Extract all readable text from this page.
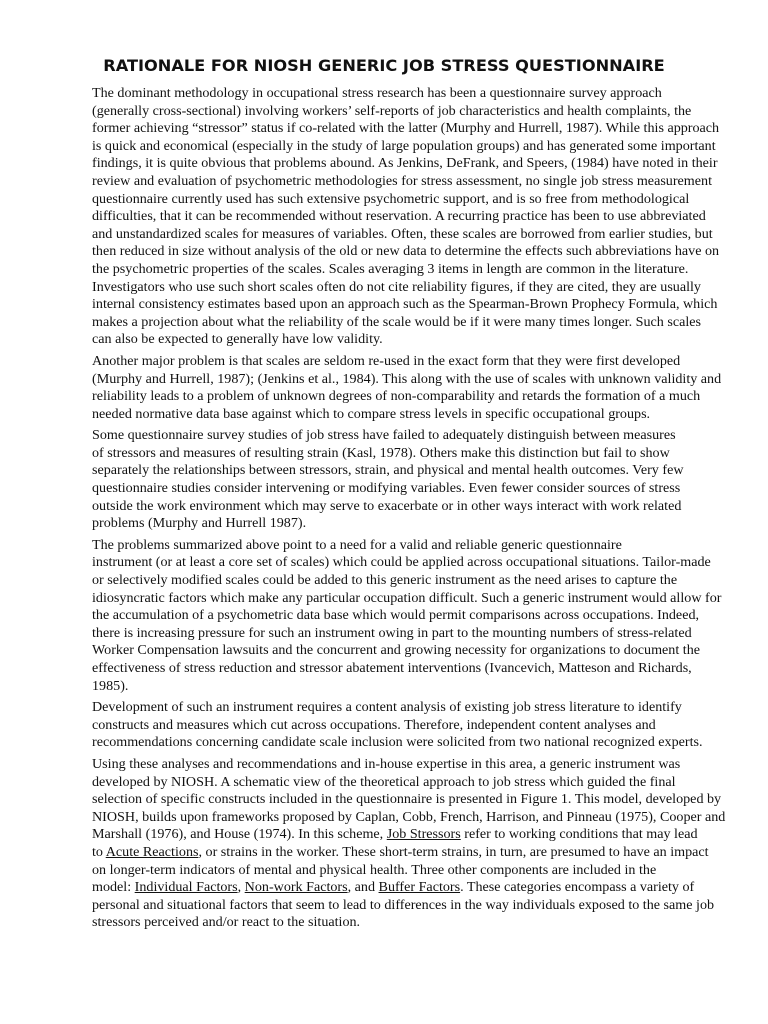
RATIONALE FOR NIOSH GENERIC JOB STRESS QUESTIONNAIRE

The dominant methodology in occupational stress research has been a questionnaire survey approach
(generally cross-sectional) involving workers’ self-reports of job characteristics and health complaints, the
former achieving “stressor” status if co-related with the latter (Murphy and Hurrell, 1987). While this approach
is quick and economical (especially in the study of large population groups) and has generated some important
findings, it is quite obvious that problems abound. As Jenkins, DeFrank, and Speers, (1984) have noted in their
review and evaluation of psychometric methodologies for stress assessment, no single job stress measurement
questionnaire currently used has such extensive psychometric support, and is so free from methodological
difficulties, that it can be recommended without reservation. A recurring practice has been to use abbreviated
and unstandardized scales for measures of variables. Often, these scales are borrowed from earlier studies, but
then reduced in size without analysis of the old or new data to determine the effects such abbreviations have on
the psychometric properties of the scales. Scales averaging 3 items in length are common in the literature.
Investigators who use such short scales often do not cite reliability figures, if they are cited, they are usually
internal consistency estimates based upon an approach such as the Spearman-Brown Prophecy Formula, which
makes a projection about what the reliability of the scale would be if it were many times longer. Such scales
can also be expected to generally have low validity.

Another major problem is that scales are seldom re-used in the exact form that they were first developed
(Murphy and Hurrell, 1987); (Jenkins et al., 1984). This along with the use of scales with unknown validity and
reliability leads to a problem of unknown degrees of non-comparability and retards the formation of a much
needed normative data base against which to compare stress levels in specific occupational groups.

Some questionnaire survey studies of job stress have failed to adequately distinguish between measures
of stressors and measures of resulting strain (Kasl, 1978). Others make this distinction but fail to show
separately the relationships between stressors, strain, and physical and mental health outcomes. Very few
questionnaire studies consider intervening or modifying variables. Even fewer consider sources of stress
outside the work environment which may serve to exacerbate or in other ways interact with work related
problems (Murphy and Hurrell 1987).

The problems summarized above point to a need for a valid and reliable generic questionnaire
instrument (or at least a core set of scales) which could be applied across occupational situations. Tailor-made
or selectively modified scales could be added to this generic instrument as the need arises to capture the
idiosyncratic factors which make any particular occupation difficult. Such a generic instrument would allow for
the accumulation of a psychometric data base which would permit comparisons across occupations. Indeed,
there is increasing pressure for such an instrument owing in part to the mounting numbers of stress-related
Worker Compensation lawsuits and the concurrent and growing necessity for organizations to document the
effectiveness of stress reduction and stressor abatement interventions (Ivancevich, Matteson and Richards,
1985).

Development of such an instrument requires a content analysis of existing job stress literature to identify
constructs and measures which cut across occupations. Therefore, independent content analyses and
recommendations concerning candidate scale inclusion were solicited from two national recognized experts.

Using these analyses and recommendations and in-house expertise in this area, a generic instrument was
developed by NIOSH. A schematic view of the theoretical approach to job stress which guided the final
selection of specific constructs included in the questionnaire is presented in Figure 1. This model, developed by
NIOSH, builds upon frameworks proposed by Caplan, Cobb, French, Harrison, and Pinneau (1975), Cooper and
Marshall (1976), and House (1974). In this scheme, Job Stressors refer to working conditions that may lead
to Acute Reactions, or strains in the worker. These short-term strains, in turn, are presumed to have an impact
on longer-term indicators of mental and physical health. Three other components are included in the
model: Individual Factors, Non-work Factors, and Buffer Factors. These categories encompass a variety of
personal and situational factors that seem to lead to differences in the way individuals exposed to the same job
stressors perceived and/or react to the situation.
